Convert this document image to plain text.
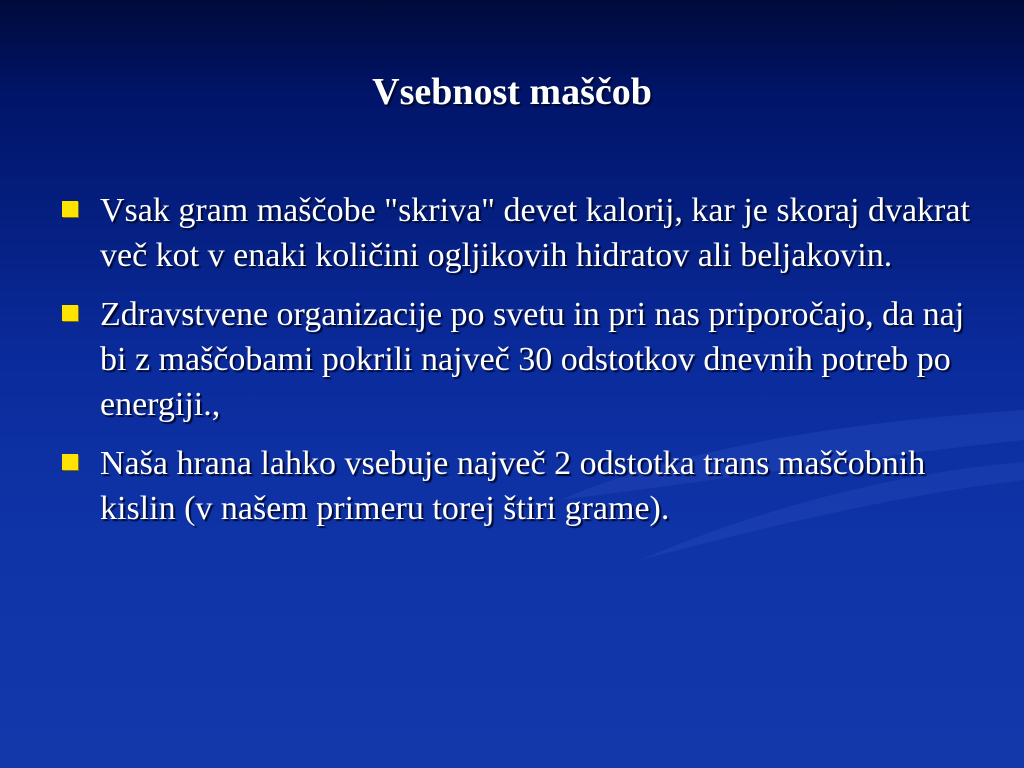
Vsebnost maščob
Vsak gram maščobe "skriva" devet kalorij, kar je skoraj dvakrat več kot v enaki količini ogljikovih hidratov ali beljakovin.
Zdravstvene organizacije po svetu in pri nas priporočajo, da naj bi z maščobami pokrili največ 30 odstotkov dnevnih potreb po energiji.,
Naša hrana lahko vsebuje največ 2 odstotka trans maščobnih kislin (v našem primeru torej štiri grame).
